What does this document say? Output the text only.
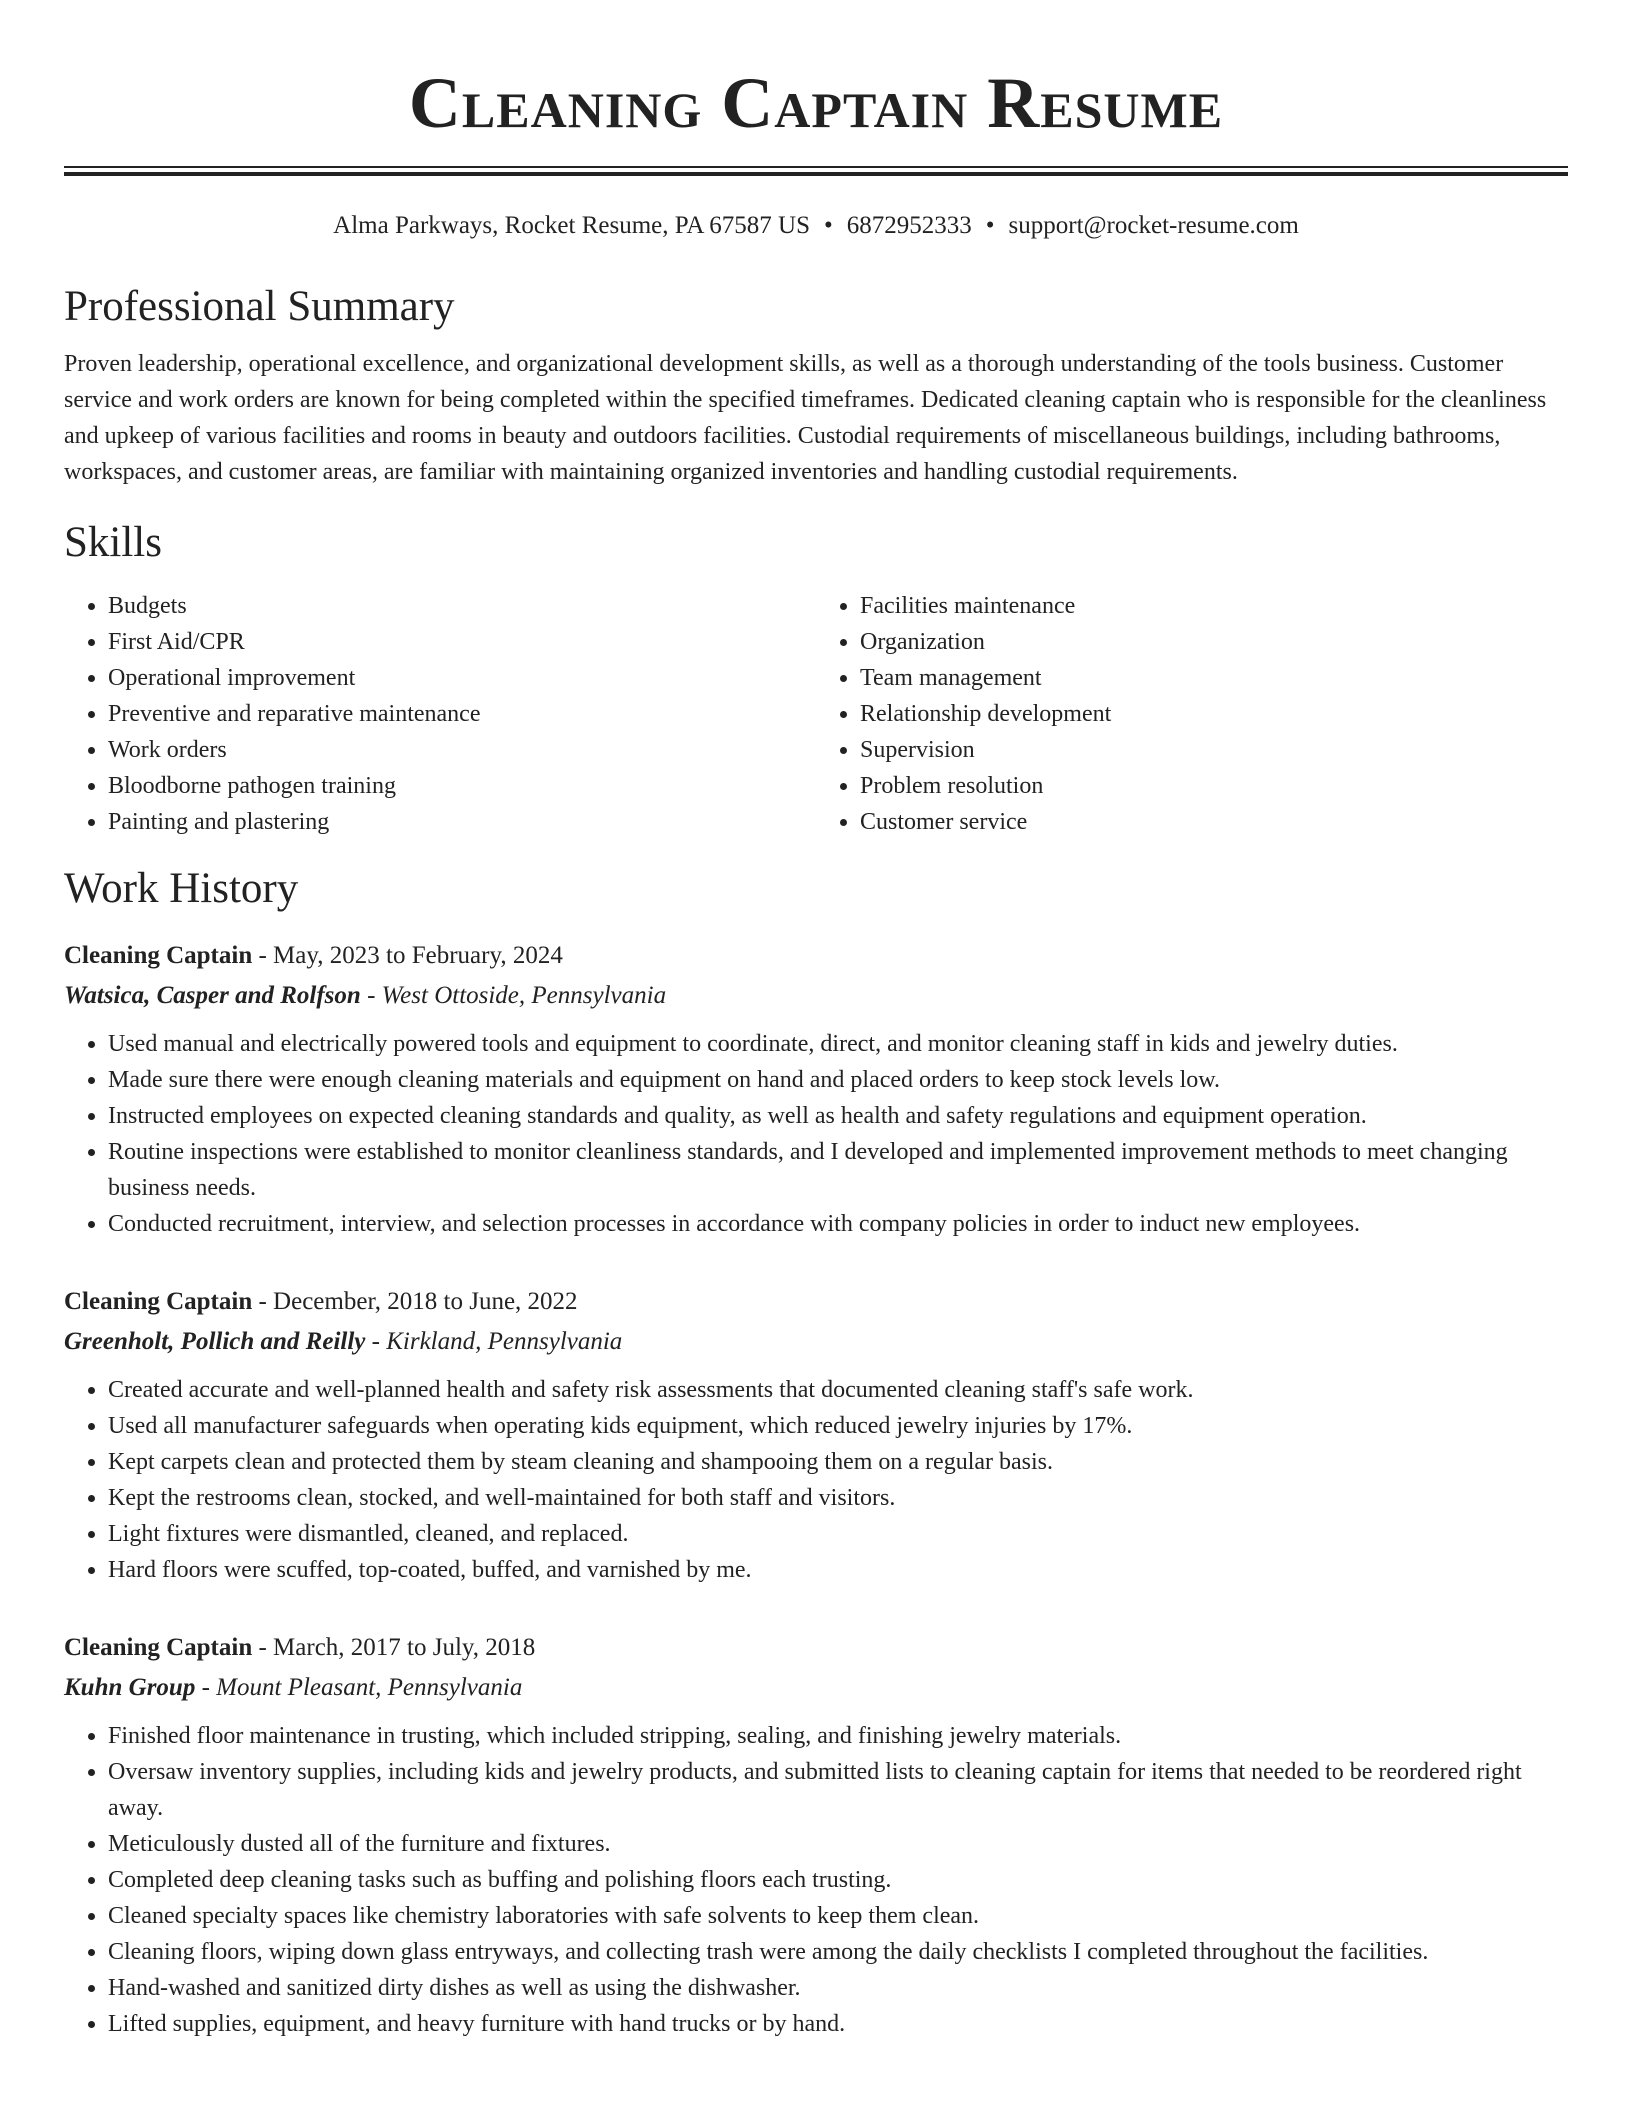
Cleaning Captain Resume
Alma Parkways, Rocket Resume, PA 67587 US • 6872952333 • support@rocket-resume.com
Professional Summary

Proven leadership, operational excellence, and organizational development skills, as well as a thorough understanding of the tools business. Customer service and work orders are known for being completed within the specified timeframes. Dedicated cleaning captain who is responsible for the cleanliness and upkeep of various facilities and rooms in beauty and outdoors facilities. Custodial requirements of miscellaneous buildings, including bathrooms, workspaces, and customer areas, are familiar with maintaining organized inventories and handling custodial requirements.

Skills
• Budgets
• First Aid/CPR
• Operational improvement
• Preventive and reparative maintenance
• Work orders
• Bloodborne pathogen training
• Painting and plastering
• Facilities maintenance
• Organization
• Team management
• Relationship development
• Supervision
• Problem resolution
• Customer service
Work History
Cleaning Captain - May, 2023 to February, 2024
Watsica, Casper and Rolfson - West Ottoside, Pennsylvania
• Used manual and electrically powered tools and equipment to coordinate, direct, and monitor cleaning staff in kids and jewelry duties.
• Made sure there were enough cleaning materials and equipment on hand and placed orders to keep stock levels low.
• Instructed employees on expected cleaning standards and quality, as well as health and safety regulations and equipment operation.
• Routine inspections were established to monitor cleanliness standards, and I developed and implemented improvement methods to meet changing business needs.
• Conducted recruitment, interview, and selection processes in accordance with company policies in order to induct new employees.
Cleaning Captain - December, 2018 to June, 2022
Greenholt, Pollich and Reilly - Kirkland, Pennsylvania
• Created accurate and well-planned health and safety risk assessments that documented cleaning staff's safe work.
• Used all manufacturer safeguards when operating kids equipment, which reduced jewelry injuries by 17%.
• Kept carpets clean and protected them by steam cleaning and shampooing them on a regular basis.
• Kept the restrooms clean, stocked, and well-maintained for both staff and visitors.
• Light fixtures were dismantled, cleaned, and replaced.
• Hard floors were scuffed, top-coated, buffed, and varnished by me.
Cleaning Captain - March, 2017 to July, 2018
Kuhn Group - Mount Pleasant, Pennsylvania
• Finished floor maintenance in trusting, which included stripping, sealing, and finishing jewelry materials.
• Oversaw inventory supplies, including kids and jewelry products, and submitted lists to cleaning captain for items that needed to be reordered right away.
• Meticulously dusted all of the furniture and fixtures.
• Completed deep cleaning tasks such as buffing and polishing floors each trusting.
• Cleaned specialty spaces like chemistry laboratories with safe solvents to keep them clean.
• Cleaning floors, wiping down glass entryways, and collecting trash were among the daily checklists I completed throughout the facilities.
• Hand-washed and sanitized dirty dishes as well as using the dishwasher.
• Lifted supplies, equipment, and heavy furniture with hand trucks or by hand.
